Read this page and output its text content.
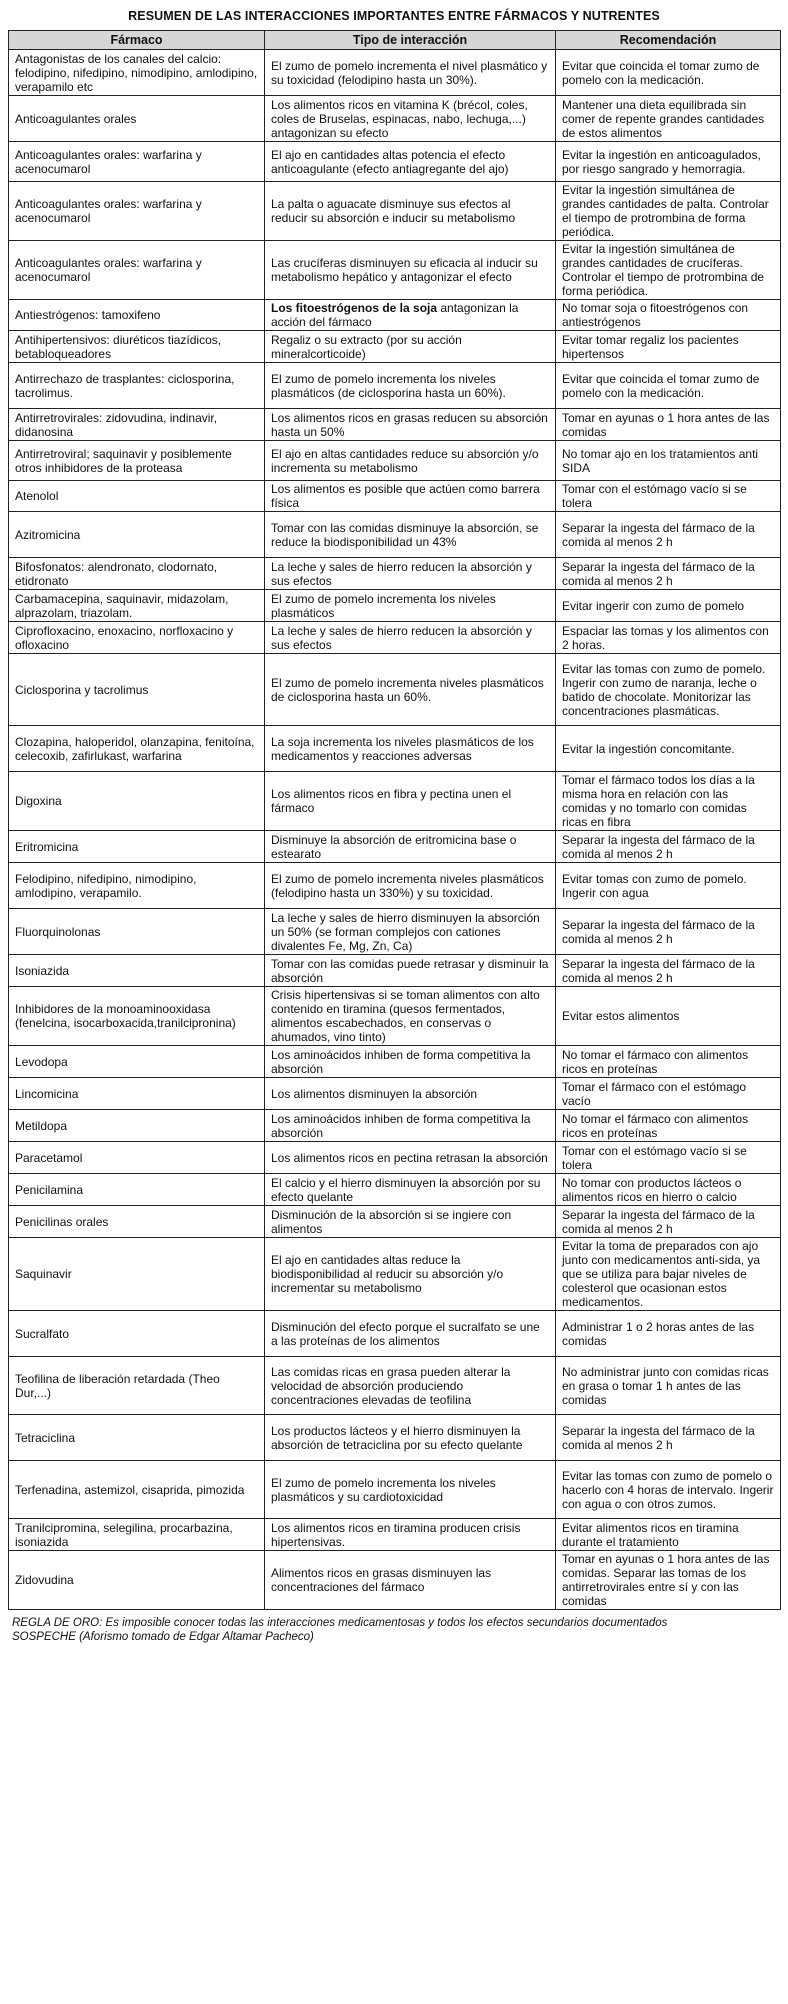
RESUMEN DE LAS INTERACCIONES IMPORTANTES ENTRE FÁRMACOS Y NUTRENTES
Fármaco	Tipo de interacción	Recomendación
Antagonistas de los canales del calcio: felodipino, nifedipino, nimodipino, amlodipino, verapamilo etc	El zumo de pomelo incrementa el nivel plasmático y su toxicidad (felodipino hasta un 30%).	Evitar que coincida el tomar zumo de pomelo con la medicación.
Anticoagulantes orales	Los alimentos ricos en vitamina K (brécol, coles, coles de Bruselas, espinacas, nabo, lechuga,...) antagonizan su efecto	Mantener una dieta equilibrada sin comer de repente grandes cantidades de estos alimentos
Anticoagulantes orales: warfarina y acenocumarol	El ajo en cantidades altas potencia el efecto anticoagulante (efecto antiagregante del ajo)	Evitar la ingestión en anticoagulados, por riesgo sangrado y hemorragia.
Anticoagulantes orales: warfarina y acenocumarol	La palta o aguacate disminuye sus efectos al reducir su absorción e inducir su metabolismo	Evitar la ingestión simultánea de grandes cantidades de palta. Controlar el tiempo de protrombina de forma periódica.
Anticoagulantes orales: warfarina y acenocumarol	Las crucíferas disminuyen su eficacia al inducir su metabolismo hepático y antagonizar el efecto	Evitar la ingestión simultánea de grandes cantidades de crucíferas. Controlar el tiempo de protrombina de forma periódica.
Antiestrógenos: tamoxifeno	Los fitoestrógenos de la soja antagonizan la acción del fármaco	No tomar soja o fitoestrógenos con antiestrógenos
Antihipertensivos: diuréticos tiazídicos, betabloqueadores	Regaliz o su extracto (por su acción mineralcorticoide)	Evitar tomar regaliz los pacientes hipertensos
Antirrechazo de trasplantes: ciclosporina, tacrolimus.	El zumo de pomelo incrementa los niveles plasmáticos (de ciclosporina hasta un 60%).	Evitar que coincida el tomar zumo de pomelo con la medicación.
Antirretrovirales: zidovudina, indinavir, didanosina	Los alimentos ricos en grasas reducen su absorción hasta un 50%	Tomar en ayunas o 1 hora antes de las comidas
Antirretroviral; saquinavir y posiblemente otros inhibidores de la proteasa	El ajo en altas cantidades reduce su absorción y/o incrementa su metabolismo	No tomar ajo en los tratamientos anti SIDA
Atenolol	Los alimentos es posible que actúen como barrera física	Tomar con el estómago vacío si se tolera
Azitromicina	Tomar con las comidas disminuye la absorción, se reduce la biodisponibilidad un 43%	Separar la ingesta del fármaco de la comida al menos 2 h
Bifosfonatos: alendronato, clodornato, etidronato	La leche y sales de hierro reducen la absorción y sus efectos	Separar la ingesta del fármaco de la comida al menos 2 h
Carbamacepina, saquinavir, midazolam, alprazolam, triazolam.	El zumo de pomelo incrementa los niveles plasmáticos	Evitar ingerir con zumo de pomelo
Ciprofloxacino, enoxacino, norfloxacino y ofloxacino	La leche y sales de hierro reducen la absorción y sus efectos	Espaciar las tomas y los alimentos con 2 horas.
Ciclosporina y tacrolimus	El zumo de pomelo incrementa niveles plasmáticos de ciclosporina hasta un 60%.	Evitar las tomas con zumo de pomelo. Ingerir con zumo de naranja, leche o batido de chocolate. Monitorizar las concentraciones plasmáticas.
Clozapina, haloperidol, olanzapina, fenitoína, celecoxib, zafirlukast, warfarina	La soja incrementa los niveles plasmáticos de los medicamentos y reacciones adversas	Evitar la ingestión concomitante.
Digoxina	Los alimentos ricos en fibra y pectina unen el fármaco	Tomar el fármaco todos los días a la misma hora en relación con las comidas y no tomarlo con comidas ricas en fibra
Eritromicina	Disminuye la absorción de eritromicina base o estearato	Separar la ingesta del fármaco de la comida al menos 2 h
Felodipino, nifedipino, nimodipino, amlodipino, verapamilo.	El zumo de pomelo incrementa niveles plasmáticos (felodipino hasta un 330%) y su toxicidad.	Evitar tomas con zumo de pomelo. Ingerir con agua
Fluorquinolonas	La leche y sales de hierro disminuyen la absorción un 50% (se forman complejos con cationes divalentes Fe, Mg, Zn, Ca)	Separar la ingesta del fármaco de la comida al menos 2 h
Isoniazida	Tomar con las comidas puede retrasar y disminuir la absorción	Separar la ingesta del fármaco de la comida al menos 2 h
Inhibidores de la monoaminooxidasa (fenelcina, isocarboxacida,tranilcipronina)	Crisis hipertensivas si se toman alimentos con alto contenido en tiramina (quesos fermentados, alimentos escabechados, en conservas o ahumados, vino tinto)	Evitar estos alimentos
Levodopa	Los aminoácidos inhiben de forma competitiva la absorción	No tomar el fármaco con alimentos ricos en proteínas
Lincomicina	Los alimentos disminuyen la absorción	Tomar el fármaco con el estómago vacío
Metildopa	Los aminoácidos inhiben de forma competitiva la absorción	No tomar el fármaco con alimentos ricos en proteínas
Paracetamol	Los alimentos ricos en pectina retrasan la absorción	Tomar con el estómago vacío si se tolera
Penicilamina	El calcio y el hierro disminuyen la absorción por su efecto quelante	No tomar con productos lácteos o alimentos ricos en hierro o calcio
Penicilinas orales	Disminución de la absorción si se ingiere con alimentos	Separar la ingesta del fármaco de la comida al menos 2 h
Saquinavir	El ajo en cantidades altas reduce la biodisponibilidad al reducir su absorción y/o incrementar su metabolismo	Evitar la toma de preparados con ajo junto con medicamentos anti-sida, ya que se utiliza para bajar niveles de colesterol que ocasionan estos medicamentos.
Sucralfato	Disminución del efecto porque el sucralfato se une a las proteínas de los alimentos	Administrar 1 o 2 horas antes de las comidas
Teofilina de liberación retardada (Theo Dur,...)	Las comidas ricas en grasa pueden alterar la velocidad de absorción produciendo concentraciones elevadas de teofilina	No administrar junto con comidas ricas en grasa o tomar 1 h antes de las comidas
Tetraciclina	Los productos lácteos y el hierro disminuyen la absorción de tetraciclina por su efecto quelante	Separar la ingesta del fármaco de la comida al menos 2 h
Terfenadina, astemizol, cisaprida, pimozida	El zumo de pomelo incrementa los niveles plasmáticos y su cardiotoxicidad	Evitar las tomas con zumo de pomelo o hacerlo con 4 horas de intervalo. Ingerir con agua o con otros zumos.
Tranilcipromina, selegilina, procarbazina, isoniazida	Los alimentos ricos en tiramina producen crisis hipertensivas.	Evitar alimentos ricos en tiramina durante el tratamiento
Zidovudina	Alimentos ricos en grasas disminuyen las concentraciones del fármaco	Tomar en ayunas o 1 hora antes de las comidas. Separar las tomas de los antirretrovirales entre sí y con las comidas
REGLA DE ORO: Es imposible conocer todas las interacciones medicamentosas y todos los efectos secundarios documentados
SOSPECHE (Aforismo tomado de Edgar Altamar Pacheco)
